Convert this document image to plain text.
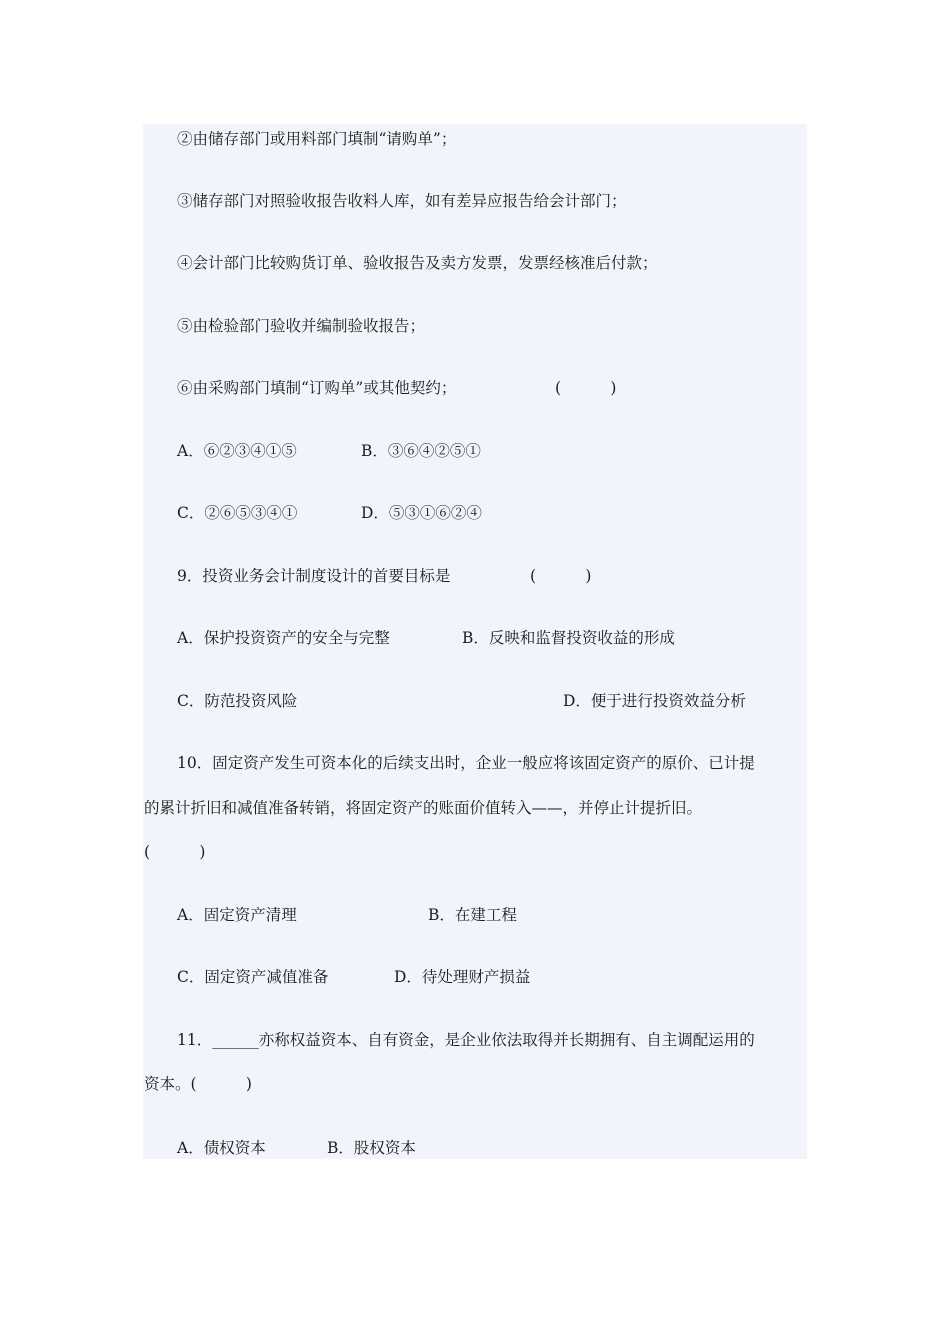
②由储存部门或用料部门填制“请购单”；
③储存部门对照验收报告收料人库，如有差异应报告给会计部门；
④会计部门比较购货订单、验收报告及卖方发票，发票经核准后付款；
⑤由检验部门验收并编制验收报告；
⑥由采购部门填制“订购单”或其他契约；	(          )
A．⑥②③④①⑤	B．③⑥④②⑤①
C．②⑥⑤③④①	D．⑤③①⑥②④
9．投资业务会计制度设计的首要目标是	(          )
A．保护投资资产的安全与完整	B．反映和监督投资收益的形成
C．防范投资风险	D．便于进行投资效益分析
10．固定资产发生可资本化的后续支出时，企业一般应将该固定资产的原价、已计提
的累计折旧和减值准备转销，将固定资产的账面价值转入——，并停止计提折旧。
(          )
A．固定资产清理	B．在建工程
C．固定资产减值准备	D．待处理财产损益
11．______亦称权益资本、自有资金，是企业依法取得并长期拥有、自主调配运用的
资本。(          )
A．债权资本	B．股权资本
